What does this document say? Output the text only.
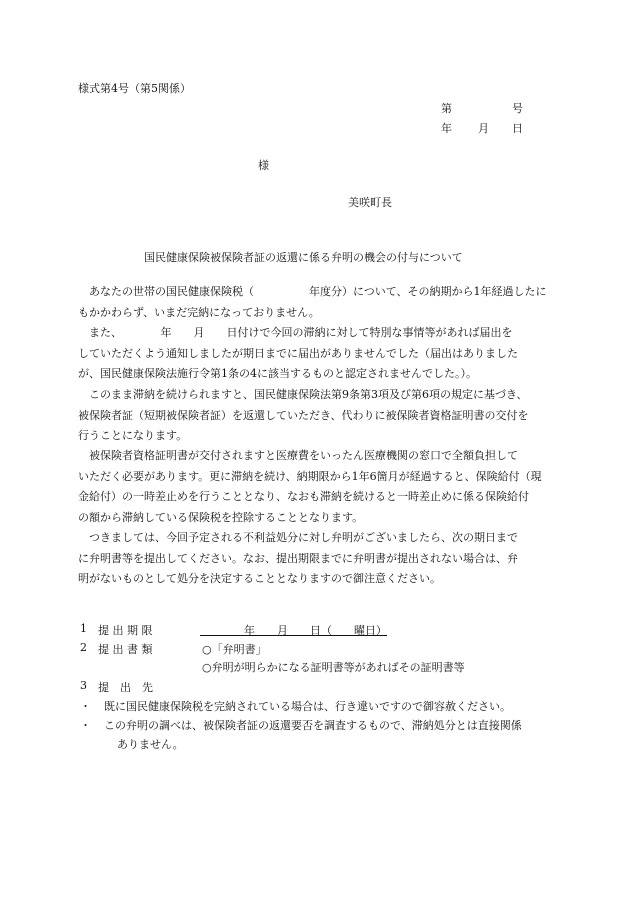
様式第4号（第5関係）
第	号
年 月 日
様
美咲町長
国民健康保険被保険者証の返還に係る弁明の機会の付与について
あなたの世帯の国民健康保険税（　　　　　年度分）について、その納期から1年経過したに
もかかわらず、いまだ完納になっておりません。
また、　　　　年　　月　　日付けで今回の滞納に対して特別な事情等があれば届出を
していただくよう通知しましたが期日までに届出がありませんでした（届出はありました
が、国民健康保険法施行令第1条の4に該当するものと認定されませんでした。）。
このまま滞納を続けられますと、国民健康保険法第9条第3項及び第6項の規定に基づき、
被保険者証（短期被保険者証）を返還していただき、代わりに被保険者資格証明書の交付を
行うことになります。
被保険者資格証明書が交付されますと医療費をいったん医療機関の窓口で全額負担して
いただく必要があります。更に滞納を続け、納期限から1年6箇月が経過すると、保険給付（現
金給付）の一時差止めを行うこととなり、なおも滞納を続けると一時差止めに係る保険給付
の額から滞納している保険税を控除することとなります。
つきましては、今回予定される不利益処分に対し弁明がございましたら、次の期日まで
に弁明書等を提出してください。なお、提出期限までに弁明書が提出されない場合は、弁
明がないものとして処分を決定することとなりますので御注意ください。
1 提 出 期 限	　　　　年　　月　　日（　　曜日）
2 提 出 書 類	○「弁明書」
○弁明が明らかになる証明書等があればその証明書等
3 提　出　先
・ 既に国民健康保険税を完納されている場合は、行き違いですので御容赦ください。
・ この弁明の調べは、被保険者証の返還要否を調査するもので、滞納処分とは直接関係
ありません。
